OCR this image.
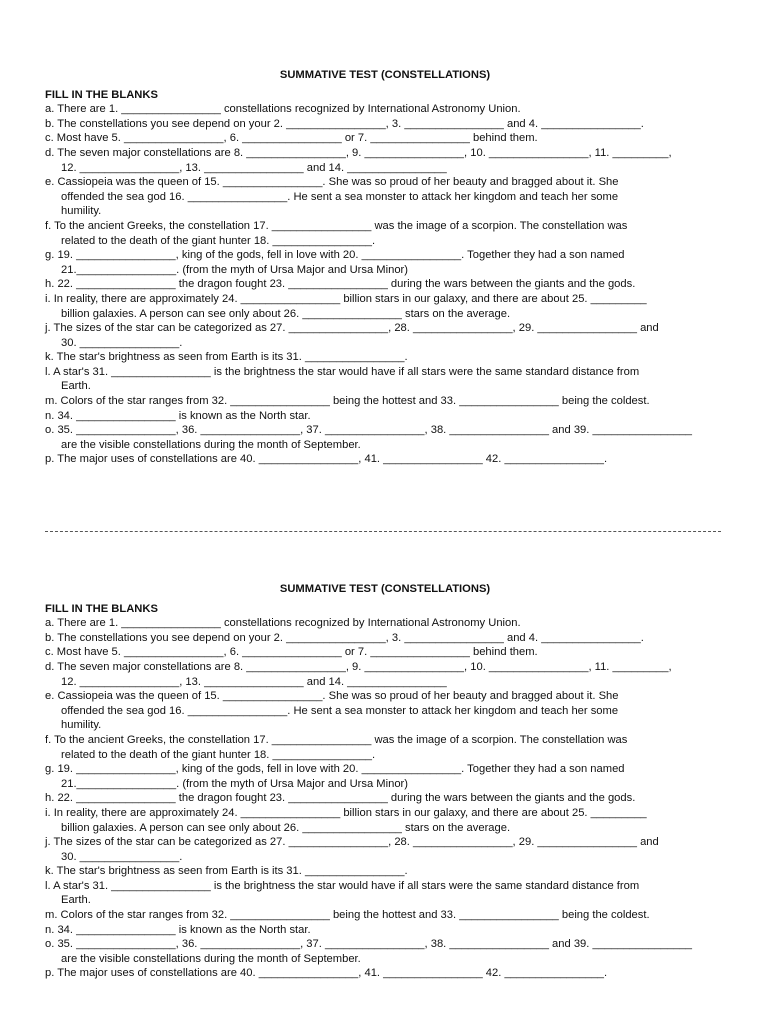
SUMMATIVE TEST (CONSTELLATIONS)
FILL IN THE BLANKS
a. There are 1. ________________ constellations recognized by International Astronomy Union.
b. The constellations you see depend on your 2. ________________, 3. ________________ and 4. ________________.
c. Most have 5. ________________, 6. ________________ or 7. ________________ behind them.
d. The seven major constellations are 8. ________________, 9. ________________, 10. ________________, 11. _________,
12. ________________, 13. ________________ and 14. ________________
e. Cassiopeia was the queen of 15. ________________. She was so proud of her beauty and bragged about it. She
offended the sea god 16. ________________. He sent a sea monster to attack her kingdom and teach her some
humility.
f. To the ancient Greeks, the constellation 17. ________________ was the image of a scorpion. The constellation was
related to the death of the giant hunter 18. ________________.
g. 19. ________________, king of the gods, fell in love with 20. ________________. Together they had a son named
21.________________. (from the myth of Ursa Major and Ursa Minor)
h. 22. ________________ the dragon fought 23. ________________ during the wars between the giants and the gods.
i. In reality, there are approximately 24. ________________ billion stars in our galaxy, and there are about 25. _________
billion galaxies. A person can see only about 26. ________________ stars on the average.
j. The sizes of the star can be categorized as 27. ________________, 28. ________________, 29. ________________ and
30. ________________.
k. The star's brightness as seen from Earth is its 31. ________________.
l. A star's 31. ________________ is the brightness the star would have if all stars were the same standard distance from
Earth.
m. Colors of the star ranges from 32. ________________ being the hottest and 33. ________________ being the coldest.
n. 34. ________________ is known as the North star.
o. 35. ________________, 36. ________________, 37. ________________, 38. ________________ and 39. ________________
are the visible constellations during the month of September.
p. The major uses of constellations are 40. ________________, 41. ________________ 42. ________________.
SUMMATIVE TEST (CONSTELLATIONS)
FILL IN THE BLANKS
a. There are 1. ________________ constellations recognized by International Astronomy Union.
b. The constellations you see depend on your 2. ________________, 3. ________________ and 4. ________________.
c. Most have 5. ________________, 6. ________________ or 7. ________________ behind them.
d. The seven major constellations are 8. ________________, 9. ________________, 10. ________________, 11. _________,
12. ________________, 13. ________________ and 14. ________________
e. Cassiopeia was the queen of 15. ________________. She was so proud of her beauty and bragged about it. She
offended the sea god 16. ________________. He sent a sea monster to attack her kingdom and teach her some
humility.
f. To the ancient Greeks, the constellation 17. ________________ was the image of a scorpion. The constellation was
related to the death of the giant hunter 18. ________________.
g. 19. ________________, king of the gods, fell in love with 20. ________________. Together they had a son named
21.________________. (from the myth of Ursa Major and Ursa Minor)
h. 22. ________________ the dragon fought 23. ________________ during the wars between the giants and the gods.
i. In reality, there are approximately 24. ________________ billion stars in our galaxy, and there are about 25. _________
billion galaxies. A person can see only about 26. ________________ stars on the average.
j. The sizes of the star can be categorized as 27. ________________, 28. ________________, 29. ________________ and
30. ________________.
k. The star's brightness as seen from Earth is its 31. ________________.
l. A star's 31. ________________ is the brightness the star would have if all stars were the same standard distance from
Earth.
m. Colors of the star ranges from 32. ________________ being the hottest and 33. ________________ being the coldest.
n. 34. ________________ is known as the North star.
o. 35. ________________, 36. ________________, 37. ________________, 38. ________________ and 39. ________________
are the visible constellations during the month of September.
p. The major uses of constellations are 40. ________________, 41. ________________ 42. ________________.
